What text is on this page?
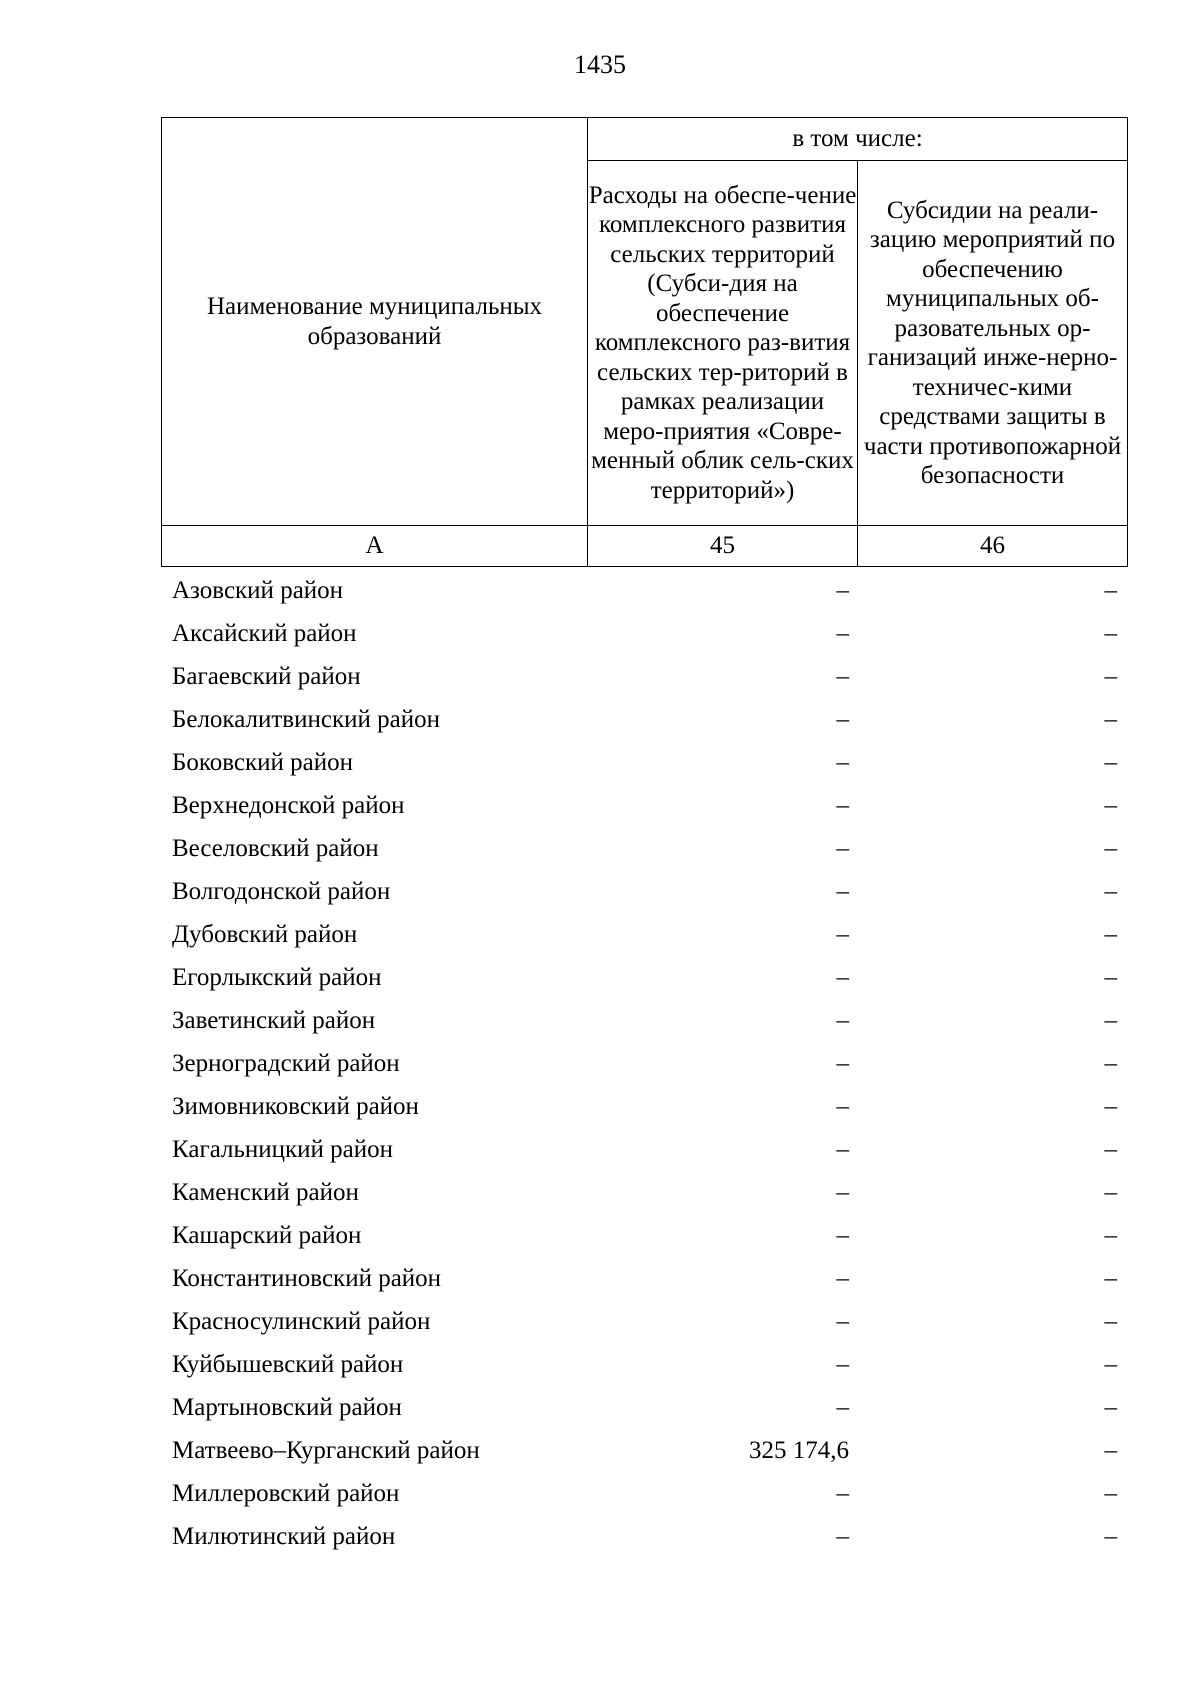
1435
Наименование муниципальных образований	в том числе:	
	Расходы на обеспе-чение комплексного развития сельских территорий (Субси-дия на обеспечение комплексного раз-вития сельских тер-риторий в рамках реализации меро-приятия «Совре-менный облик сель-ских территорий»)	Субсидии на реали-зацию мероприятий по обеспечению муниципальных об-разовательных ор-ганизаций инже-нерно-техничес-кими средствами защиты в части противопожарной безопасности
А	45	46
Азовский район	–	–
Аксайский район	–	–
Багаевский район	–	–
Белокалитвинский район	–	–
Боковский район	–	–
Верхнедонской район	–	–
Веселовский район	–	–
Волгодонской район	–	–
Дубовский район	–	–
Егорлыкский район	–	–
Заветинский район	–	–
Зерноградский район	–	–
Зимовниковский район	–	–
Кагальницкий район	–	–
Каменский район	–	–
Кашарский район	–	–
Константиновский район	–	–
Красносулинский район	–	–
Куйбышевский район	–	–
Мартыновский район	–	–
Матвеево–Курганский район	325 174,6	–
Миллеровский район	–	–
Милютинский район	–	–
